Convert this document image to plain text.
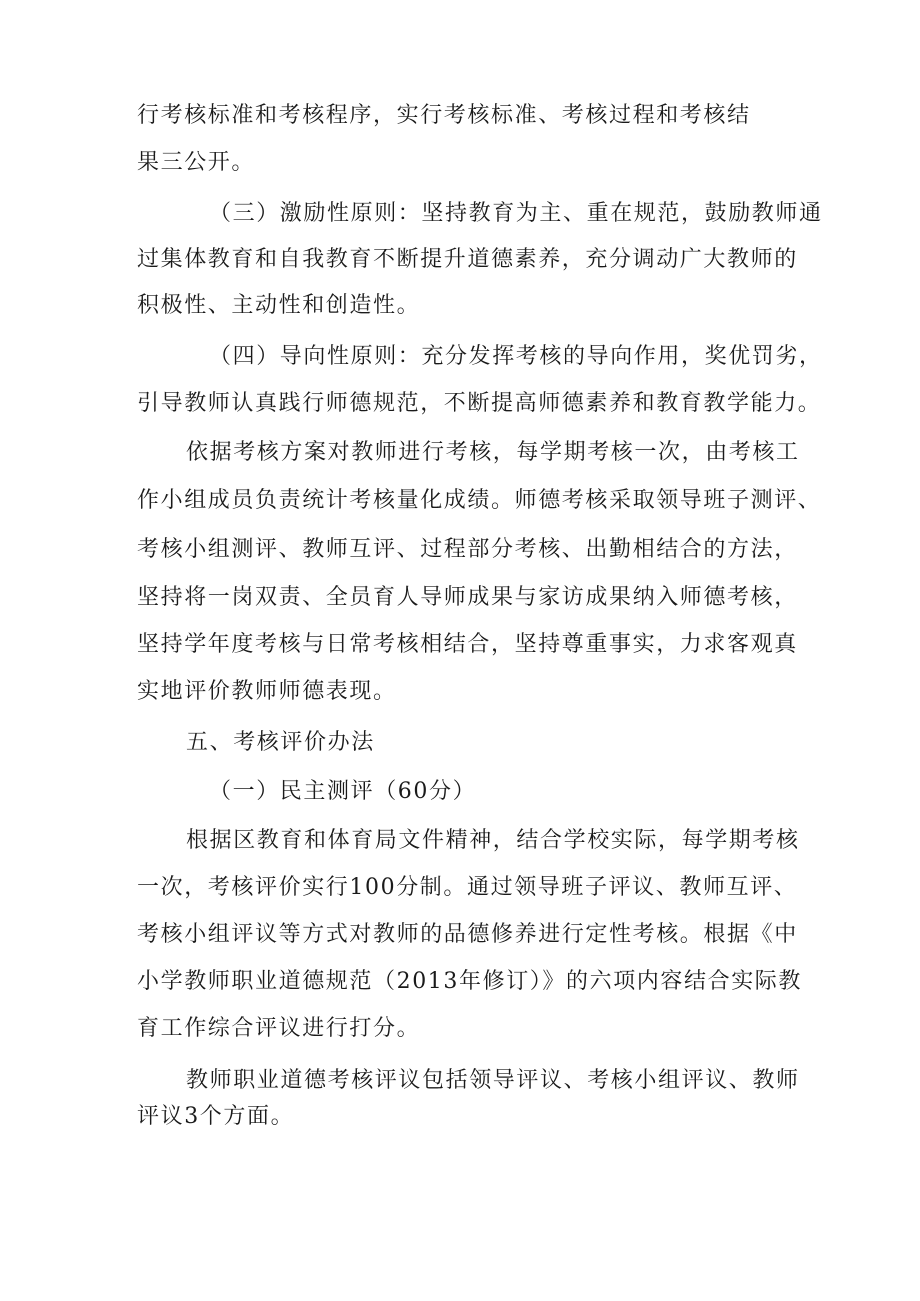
行考核标准和考核程序，实行考核标准、考核过程和考核结

果三公开。

（三）激励性原则：坚持教育为主、重在规范，鼓励教师通

过集体教育和自我教育不断提升道德素养，充分调动广大教师的

积极性、主动性和创造性。

（四）导向性原则：充分发挥考核的导向作用，奖优罚劣，

引导教师认真践行师德规范，不断提高师德素养和教育教学能力。

依据考核方案对教师进行考核，每学期考核一次，由考核工

作小组成员负责统计考核量化成绩。师德考核采取领导班子测评、

考核小组测评、教师互评、过程部分考核、出勤相结合的方法，

坚持将一岗双责、全员育人导师成果与家访成果纳入师德考核，

坚持学年度考核与日常考核相结合，坚持尊重事实，力求客观真

实地评价教师师德表现。

五、考核评价办法

（一）民主测评（60分）

根据区教育和体育局文件精神，结合学校实际，每学期考核

一次，考核评价实行100分制。通过领导班子评议、教师互评、

考核小组评议等方式对教师的品德修养进行定性考核。根据《中

小学教师职业道德规范（2013年修订）》的六项内容结合实际教

育工作综合评议进行打分。

教师职业道德考核评议包括领导评议、考核小组评议、教师

评议3个方面。
